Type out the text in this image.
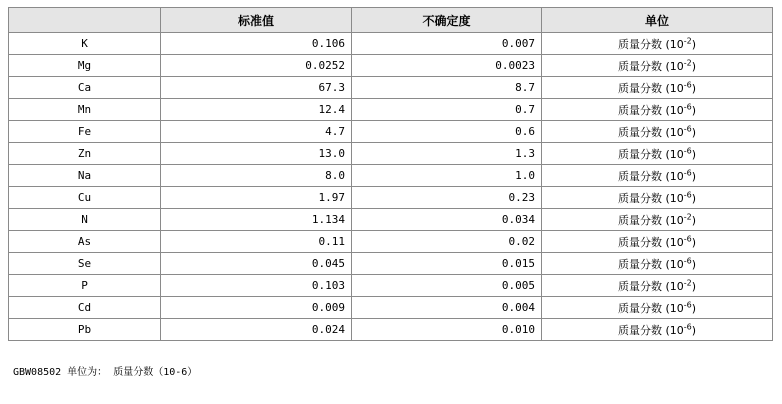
	标准值	不确定度	单位
K	0.106	0.007	质量分数 $(10^{-2})$
Mg	0.0252	0.0023	质量分数 $(10^{-2})$
Ca	67.3	8.7	质量分数 $(10^{-6})$
Mn	12.4	0.7	质量分数 $(10^{-6})$
Fe	4.7	0.6	质量分数 $(10^{-6})$
Zn	13.0	1.3	质量分数 $(10^{-6})$
Na	8.0	1.0	质量分数 $(10^{-6})$
Cu	1.97	0.23	质量分数 $(10^{-6})$
N	1.134	0.034	质量分数 $(10^{-2})$
As	0.11	0.02	质量分数 $(10^{-6})$
Se	0.045	0.015	质量分数 $(10^{-6})$
P	0.103	0.005	质量分数 $(10^{-2})$
Cd	0.009	0.004	质量分数 $(10^{-6})$
Pb	0.024	0.010	质量分数 $(10^{-6})$
GBW08502 单位为： 质量分数（10-6）
